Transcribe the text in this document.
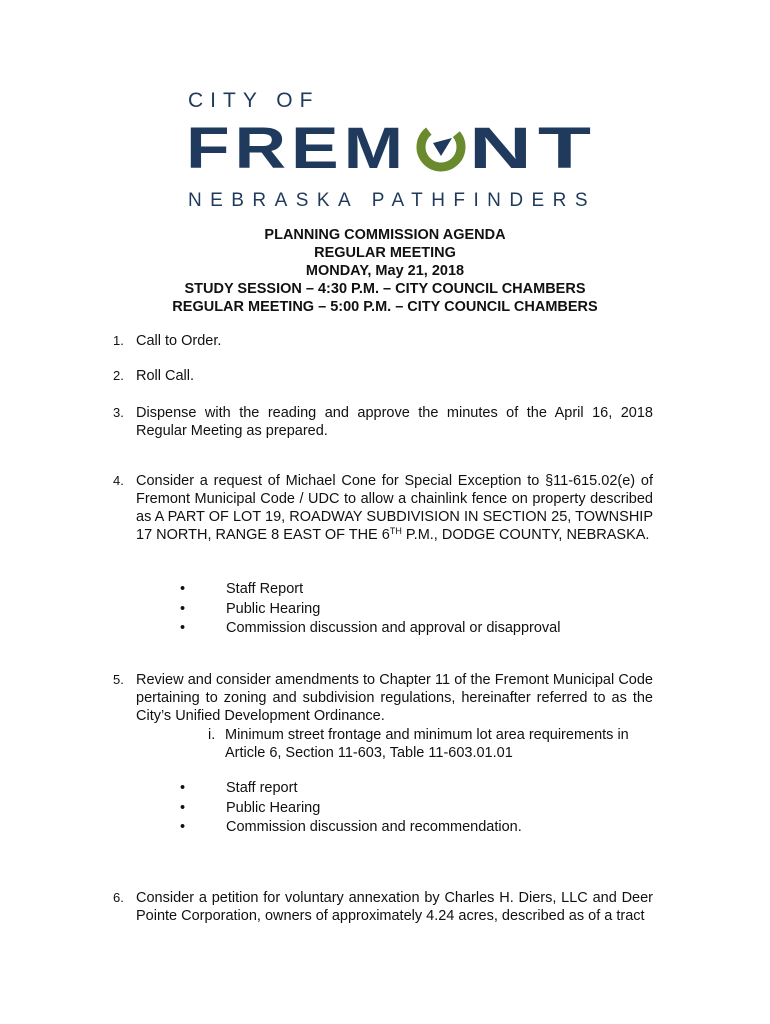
CITY OF
FREM NT
NEBRASKA PATHFINDERS
PLANNING COMMISSION AGENDA
REGULAR MEETING
MONDAY, May 21, 2018
STUDY SESSION – 4:30 P.M. – CITY COUNCIL CHAMBERS
REGULAR MEETING – 5:00 P.M. – CITY COUNCIL CHAMBERS
1. Call to Order.
2. Roll Call.
3. Dispense with the reading and approve the minutes of the April 16, 2018 Regular Meeting as prepared.
4. Consider a request of Michael Cone for Special Exception to §11-615.02(e) of Fremont Municipal Code / UDC to allow a chainlink fence on property described as A PART OF LOT 19, ROADWAY SUBDIVISION IN SECTION 25, TOWNSHIP 17 NORTH, RANGE 8 EAST OF THE 6TH P.M., DODGE COUNTY, NEBRASKA.
•	Staff Report
•	Public Hearing
•	Commission discussion and approval or disapproval
5. Review and consider amendments to Chapter 11 of the Fremont Municipal Code pertaining to zoning and subdivision regulations, hereinafter referred to as the City’s Unified Development Ordinance.
i. Minimum street frontage and minimum lot area requirements in
Article 6, Section 11-603, Table 11-603.01.01
•	Staff report
•	Public Hearing
•	Commission discussion and recommendation.
6. Consider a petition for voluntary annexation by Charles H. Diers, LLC and Deer Pointe Corporation, owners of approximately 4.24 acres, described as of a tract
